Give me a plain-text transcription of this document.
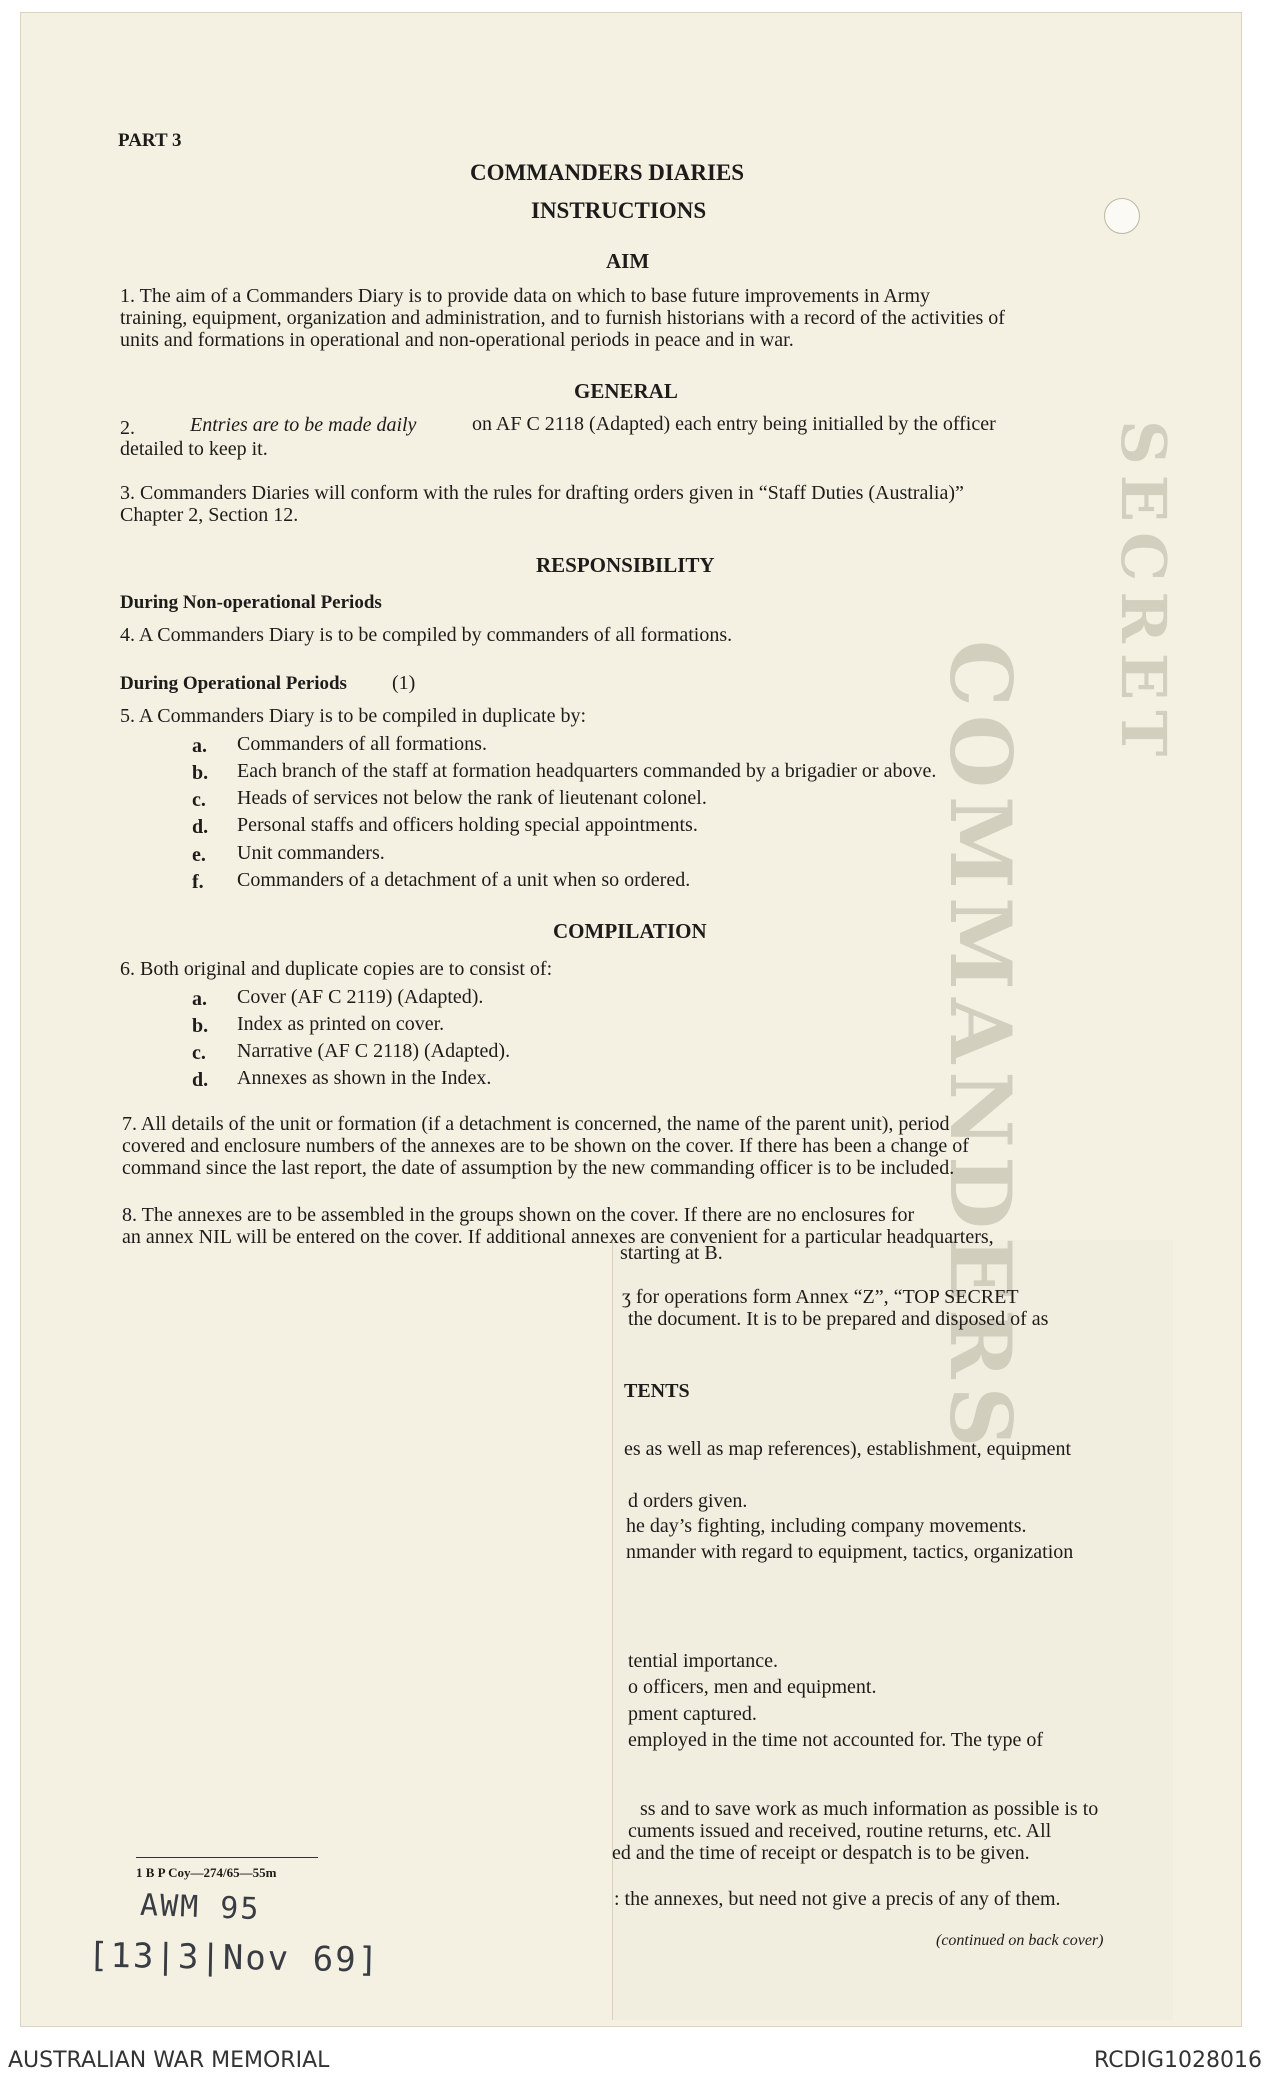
COMMANDERS
SECRET
PART 3
COMMANDERS DIARIES
INSTRUCTIONS
AIM
1. The aim of a Commanders Diary is to provide data on which to base future improvements in Army
training, equipment, organization and administration, and to furnish historians with a record of the activities of
units and formations in operational and non-operational periods in peace and in war.
GENERAL
2.	Entries are to be made daily	on AF C 2118 (Adapted) each entry being initialled by the officer
detailed to keep it.
3. Commanders Diaries will conform with the rules for drafting orders given in “Staff Duties (Australia)”
Chapter 2, Section 12.
RESPONSIBILITY
During Non-operational Periods
4. A Commanders Diary is to be compiled by commanders of all formations.
During Operational Periods (1)
5. A Commanders Diary is to be compiled in duplicate by:
a. Commanders of all formations.
b. Each branch of the staff at formation headquarters commanded by a brigadier or above.
c. Heads of services not below the rank of lieutenant colonel.
d. Personal staffs and officers holding special appointments.
e. Unit commanders.
f. Commanders of a detachment of a unit when so ordered.
COMPILATION
6. Both original and duplicate copies are to consist of:
a. Cover (AF C 2119) (Adapted).
b. Index as printed on cover.
c. Narrative (AF C 2118) (Adapted).
d. Annexes as shown in the Index.
7. All details of the unit or formation (if a detachment is concerned, the name of the parent unit), period
covered and enclosure numbers of the annexes are to be shown on the cover. If there has been a change of
command since the last report, the date of assumption by the new commanding officer is to be included.
8. The annexes are to be assembled in the groups shown on the cover. If there are no enclosures for
an annex NIL will be entered on the cover. If additional annexes are convenient for a particular headquarters,
starting at B.
ʒ for operations form Annex “Z”, “TOP SECRET
the document. It is to be prepared and disposed of as
TENTS
es as well as map references), establishment, equipment
d orders given.
he day’s fighting, including company movements.
nmander with regard to equipment, tactics, organization
tential importance.
o officers, men and equipment.
pment captured.
employed in the time not accounted for. The type of
ss and to save work as much information as possible is to
cuments issued and received, routine returns, etc. All
ed and the time of receipt or despatch is to be given.
: the annexes, but need not give a precis of any of them.
(continued on back cover)
1 B P Coy—274/65—55m
AWM 95
[13|3|Nov 69]
AUSTRALIAN WAR MEMORIAL	RCDIG1028016
